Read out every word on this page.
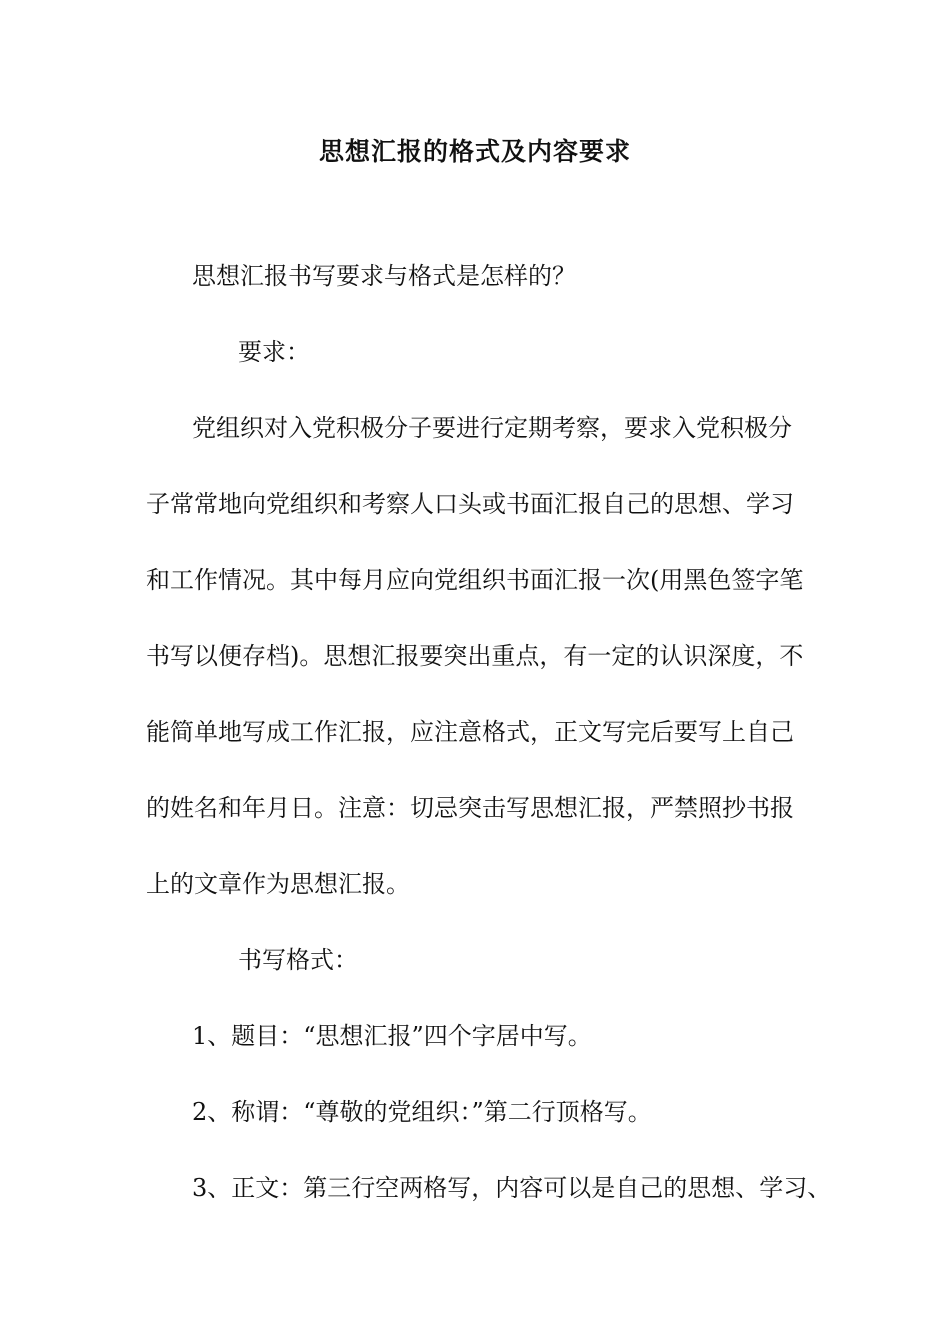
思想汇报的格式及内容要求
思想汇报书写要求与格式是怎样的？
要求：
党组织对入党积极分子要进行定期考察，要求入党积极分
子常常地向党组织和考察人口头或书面汇报自己的思想、学习
和工作情况。其中每月应向党组织书面汇报一次(用黑色签字笔
书写以便存档)。思想汇报要突出重点，有一定的认识深度，不
能简单地写成工作汇报，应注意格式，正文写完后要写上自己
的姓名和年月日。注意：切忌突击写思想汇报，严禁照抄书报
上的文章作为思想汇报。
书写格式：
1、题目：“思想汇报”四个字居中写。
2、称谓：“尊敬的党组织：”第二行顶格写。
3、正文：第三行空两格写，内容可以是自己的思想、学习、
